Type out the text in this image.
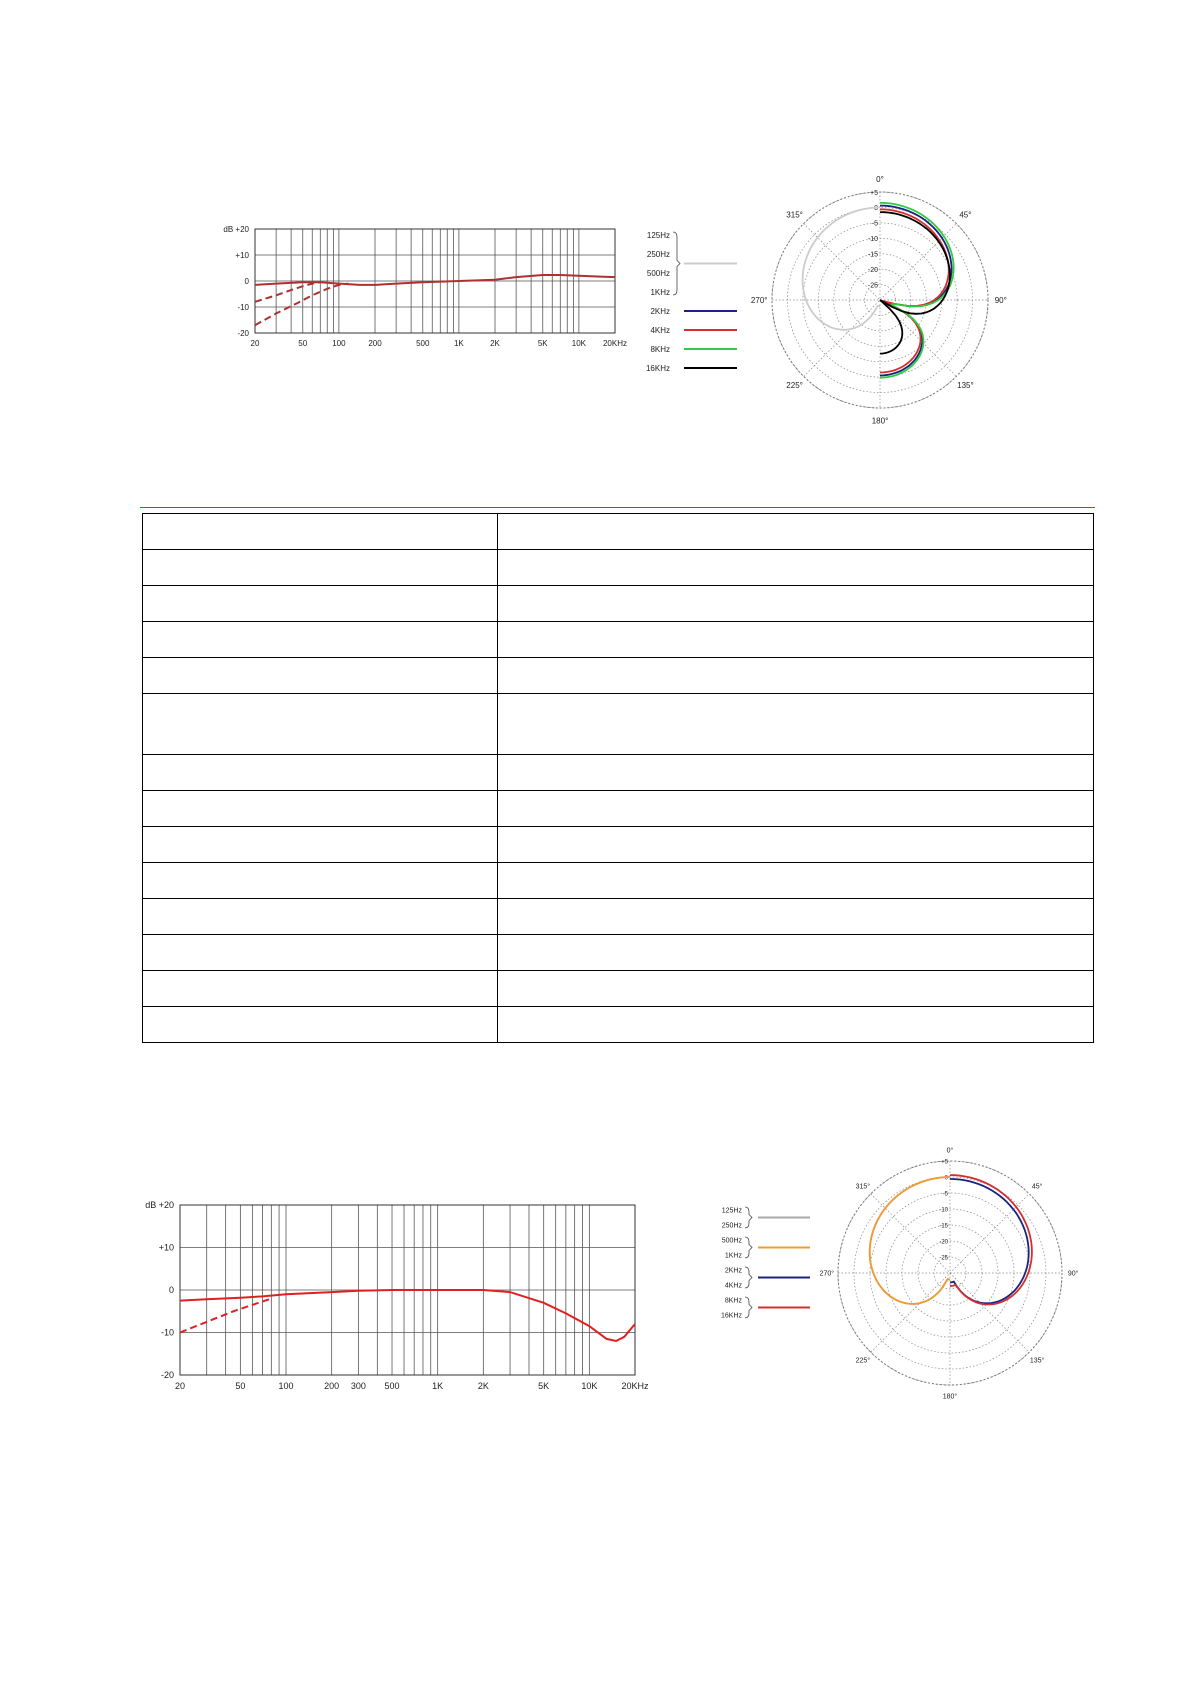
dB +20
+10
0
-10
-20
20	50	100	200	500	1K	2K	5K	10K 20KHz
125Hz
250Hz
500Hz
1KHz
2KHz
4KHz
8KHz
16KHz
0°
45°
90°
135°
180°
225°
270°
315°
+5
0
-5
-10
-15
-20
-25

dB +20
+10
0
-10
-20
20	50	100	200 300 500	1K	2K	5K	10K	20KHz
125Hz
250Hz
500Hz
1KHz
2KHz
4KHz
8KHz
16KHz
0°
45°
90°
135°
180°
225°
270°
315°
+5
0
-5
-10
-15
-20
-25
